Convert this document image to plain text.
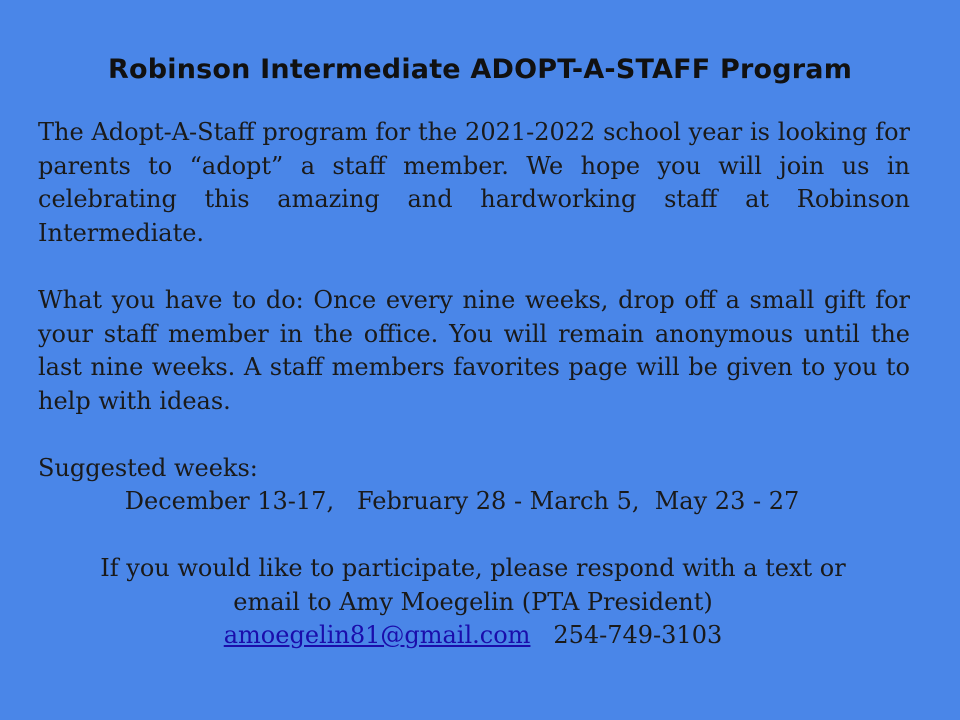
Robinson Intermediate ADOPT-A-STAFF Program

The Adopt-A-Staff program for the 2021-2022 school year is looking for parents to “adopt” a staff member. We hope you will join us in celebrating this amazing and hardworking staff at Robinson Intermediate.

What you have to do: Once every nine weeks, drop off a small gift for your staff member in the office. You will remain anonymous until the last nine weeks. A staff members favorites page will be given to you to help with ideas.

Suggested weeks:
December 13-17,   February 28 - March 5,  May 23 - 27
If you would like to participate, please respond with a text or
email to Amy Moegelin (PTA President)
amoegelin81@gmail.com 254-749-3103
